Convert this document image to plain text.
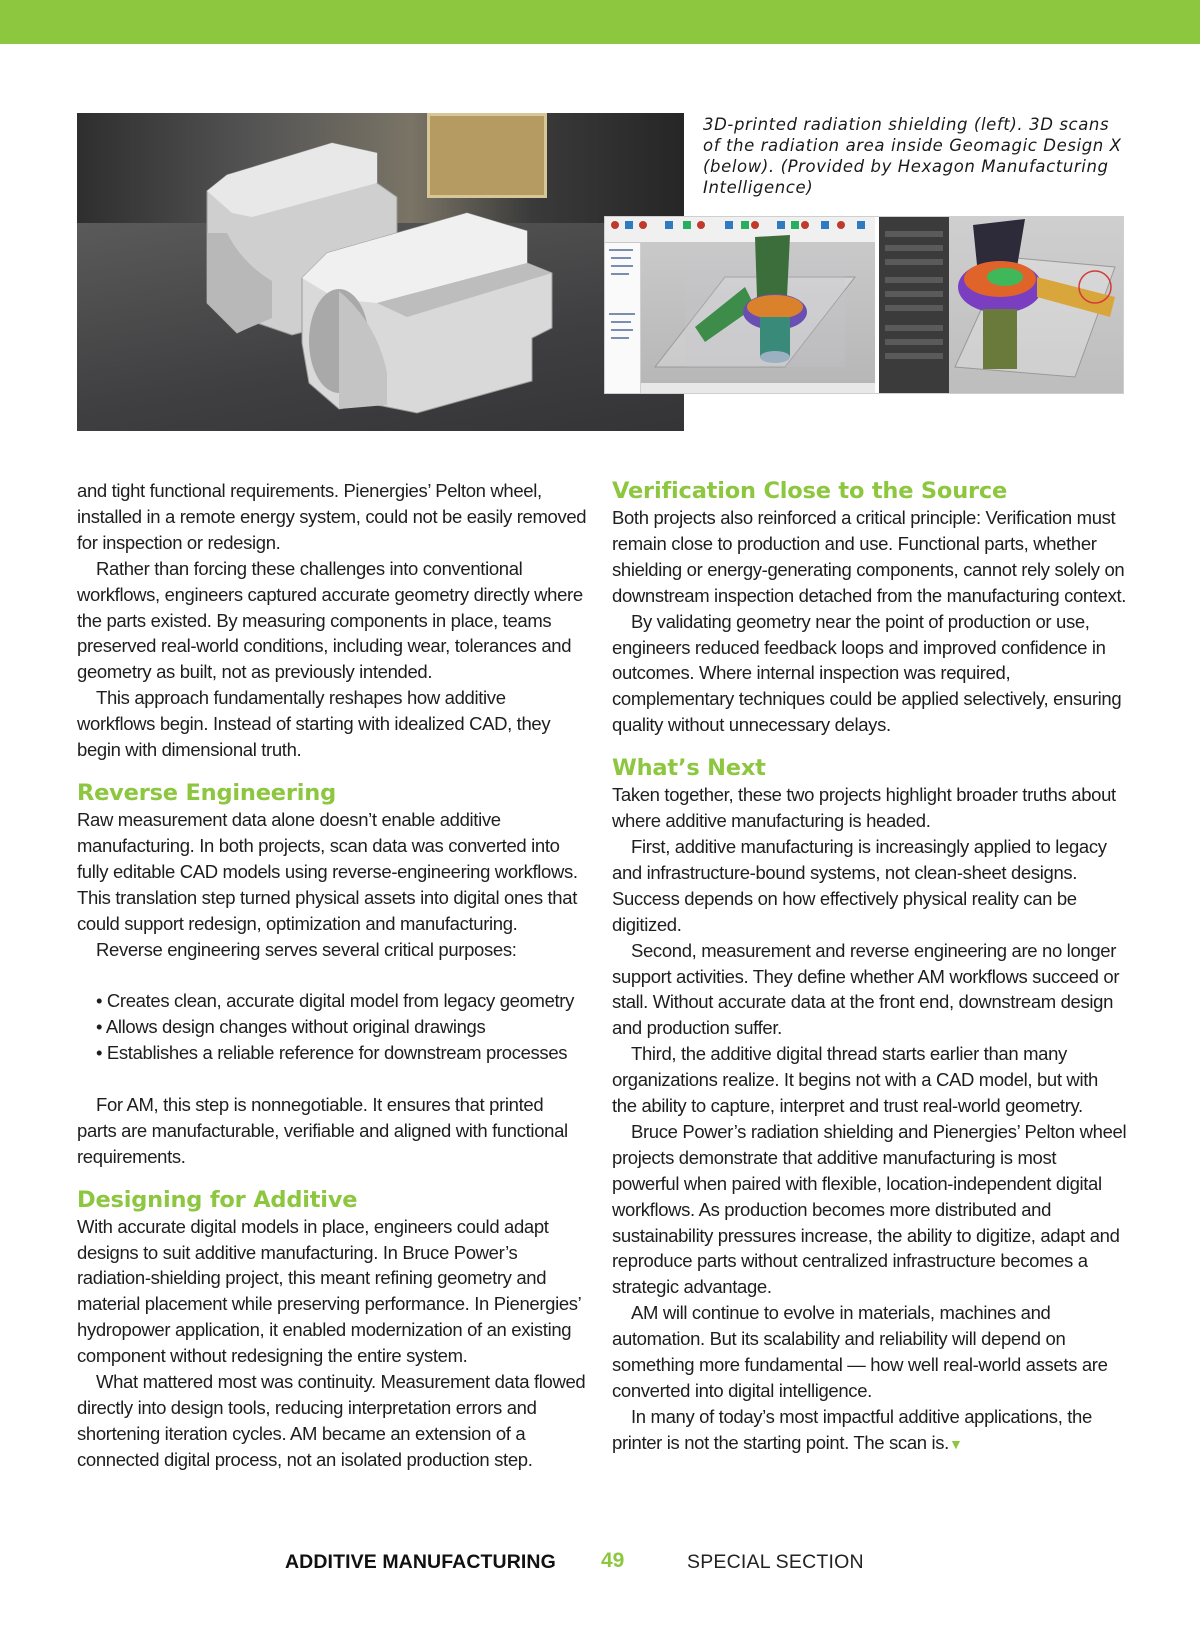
3D-printed radiation shielding (left). 3D scans of the radiation area inside Geomagic Design X (below). (Provided by Hexagon Manufacturing Intelligence)

and tight functional requirements. Pienergies’ Pelton wheel, installed in a remote energy system, could not be easily removed for inspection or redesign.

Rather than forcing these challenges into conventional workflows, engineers captured accurate geometry directly where the parts existed. By measuring components in place, teams preserved real-world conditions, including wear, tolerances and geometry as built, not as previously intended.

This approach fundamentally reshapes how additive workflows begin. Instead of starting with idealized CAD, they begin with dimensional truth.

Reverse Engineering

Raw measurement data alone doesn’t enable additive manufacturing. In both projects, scan data was converted into fully editable CAD models using reverse-engineering workflows. This translation step turned physical assets into digital ones that could support redesign, optimization and manufacturing.

Reverse engineering serves several critical purposes:

• Creates clean, accurate digital model from legacy geometry
• Allows design changes without original drawings
• Establishes a reliable reference for downstream processes

For AM, this step is nonnegotiable. It ensures that printed parts are manufacturable, verifiable and aligned with functional requirements.

Designing for Additive

With accurate digital models in place, engineers could adapt designs to suit additive manufacturing. In Bruce Power’s radiation-shielding project, this meant refining geometry and material placement while preserving performance. In Pienergies’ hydropower application, it enabled modernization of an existing component without redesigning the entire system.

What mattered most was continuity. Measurement data flowed directly into design tools, reducing interpretation errors and shortening iteration cycles. AM became an extension of a connected digital process, not an isolated production step.

Verification Close to the Source

Both projects also reinforced a critical principle: Verification must remain close to production and use. Functional parts, whether shielding or energy-generating components, cannot rely solely on downstream inspection detached from the manufacturing context.

By validating geometry near the point of production or use, engineers reduced feedback loops and improved confidence in outcomes. Where internal inspection was required, complementary techniques could be applied selectively, ensuring quality without unnecessary delays.

What’s Next

Taken together, these two projects highlight broader truths about where additive manufacturing is headed.

First, additive manufacturing is increasingly applied to legacy and infrastructure-bound systems, not clean-sheet designs. Success depends on how effectively physical reality can be digitized.

Second, measurement and reverse engineering are no longer support activities. They define whether AM workflows succeed or stall. Without accurate data at the front end, downstream design and production suffer.

Third, the additive digital thread starts earlier than many organizations realize. It begins not with a CAD model, but with the ability to capture, interpret and trust real-world geometry.

Bruce Power’s radiation shielding and Pienergies’ Pelton wheel projects demonstrate that additive manufacturing is most powerful when paired with flexible, location-independent digital workflows. As production becomes more distributed and sustainability pressures increase, the ability to digitize, adapt and reproduce parts without centralized infrastructure becomes a strategic advantage.

AM will continue to evolve in materials, machines and automation. But its scalability and reliability will depend on something more fundamental — how well real-world assets are converted into digital intelligence.

In many of today’s most impactful additive applications, the printer is not the starting point. The scan is.▼

ADDITIVE MANUFACTURING 49	SPECIAL SECTION
